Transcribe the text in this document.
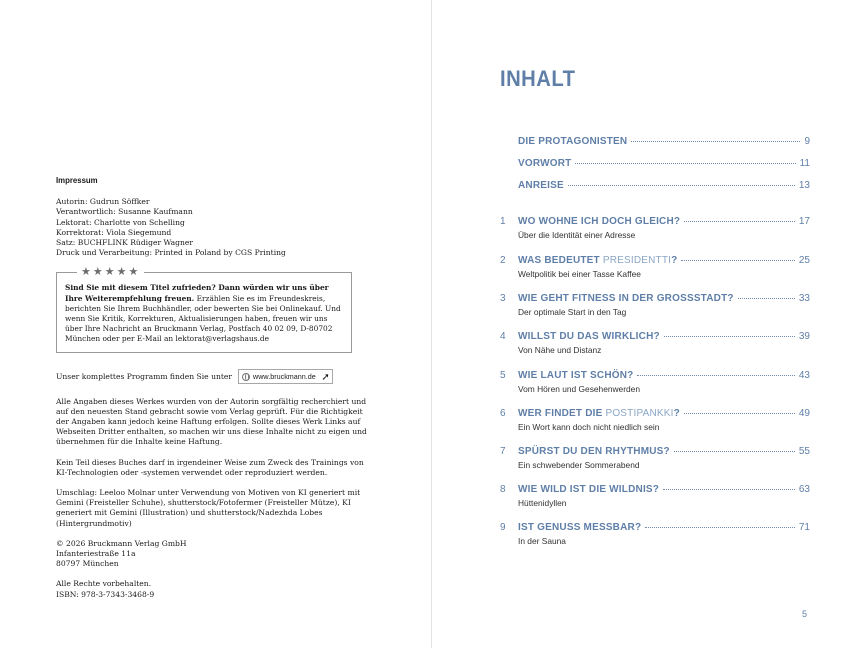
Impressum

Autorin: Gudrun Söffker

Verantwortlich: Susanne Kaufmann

Lektorat: Charlotte von Schelling

Korrektorat: Viola Siegemund

Satz: BUCHFLINK Rüdiger Wagner

Druck und Verarbeitung: Printed in Poland by CGS Printing

★★★★★
Sind Sie mit diesem Titel zufrieden? Dann würden wir uns über Ihre Weiterempfehlung freuen. Erzählen Sie es im Freundeskreis, berichten Sie Ihrem Buchhändler, oder bewerten Sie bei Onlinekauf. Und wenn Sie Kritik, Korrekturen, Aktualisierungen haben, freuen wir uns über Ihre Nachricht an Bruckmann Verlag, Postfach 40 02 09, D-80702 München oder per E-Mail an lektorat@verlagshaus.de
Unser komplettes Programm finden Sie unter	www.bruckmann.de ➚

Alle Angaben dieses Werkes wurden von der Autorin sorgfältig recherchiert und auf den neuesten Stand gebracht sowie vom Verlag geprüft. Für die Richtigkeit der Angaben kann jedoch keine Haftung erfolgen. Sollte dieses Werk Links auf Webseiten Dritter enthalten, so machen wir uns diese Inhalte nicht zu eigen und übernehmen für die Inhalte keine Haftung.

Kein Teil dieses Buches darf in irgendeiner Weise zum Zweck des Trainings von KI-Technologien oder -systemen verwendet oder reproduziert werden.

Umschlag: Leeloo Molnar unter Verwendung von Motiven von KI generiert mit Gemini (Freisteller Schuhe), shutterstock/Fotofermer (Freisteller Mütze), KI generiert mit Gemini (Illustration) und shutterstock/Nadezhda Lobes (Hintergrundmotiv)

© 2026 Bruckmann Verlag GmbH

Infanteriestraße 11a

80797 München

Alle Rechte vorbehalten.

ISBN: 978-3-7343-3468-9

INHALT
DIE PROTAGONISTEN	9
VORWORT	11
ANREISE	13
1 WO WOHNE ICH DOCH GLEICH?	17
Über die Identität einer Adresse
2 WAS BEDEUTET PRESIDENTTI?	25
Weltpolitik bei einer Tasse Kaffee
3 WIE GEHT FITNESS IN DER GROSSSTADT?	33
Der optimale Start in den Tag
4 WILLST DU DAS WIRKLICH?	39
Von Nähe und Distanz
5 WIE LAUT IST SCHÖN?	43
Vom Hören und Gesehenwerden
6 WER FINDET DIE POSTIPANKKI?	49
Ein Wort kann doch nicht niedlich sein
7 SPÜRST DU DEN RHYTHMUS?	55
Ein schwebender Sommerabend
8 WIE WILD IST DIE WILDNIS?	63
Hüttenidyllen
9 IST GENUSS MESSBAR?	71
In der Sauna
5
